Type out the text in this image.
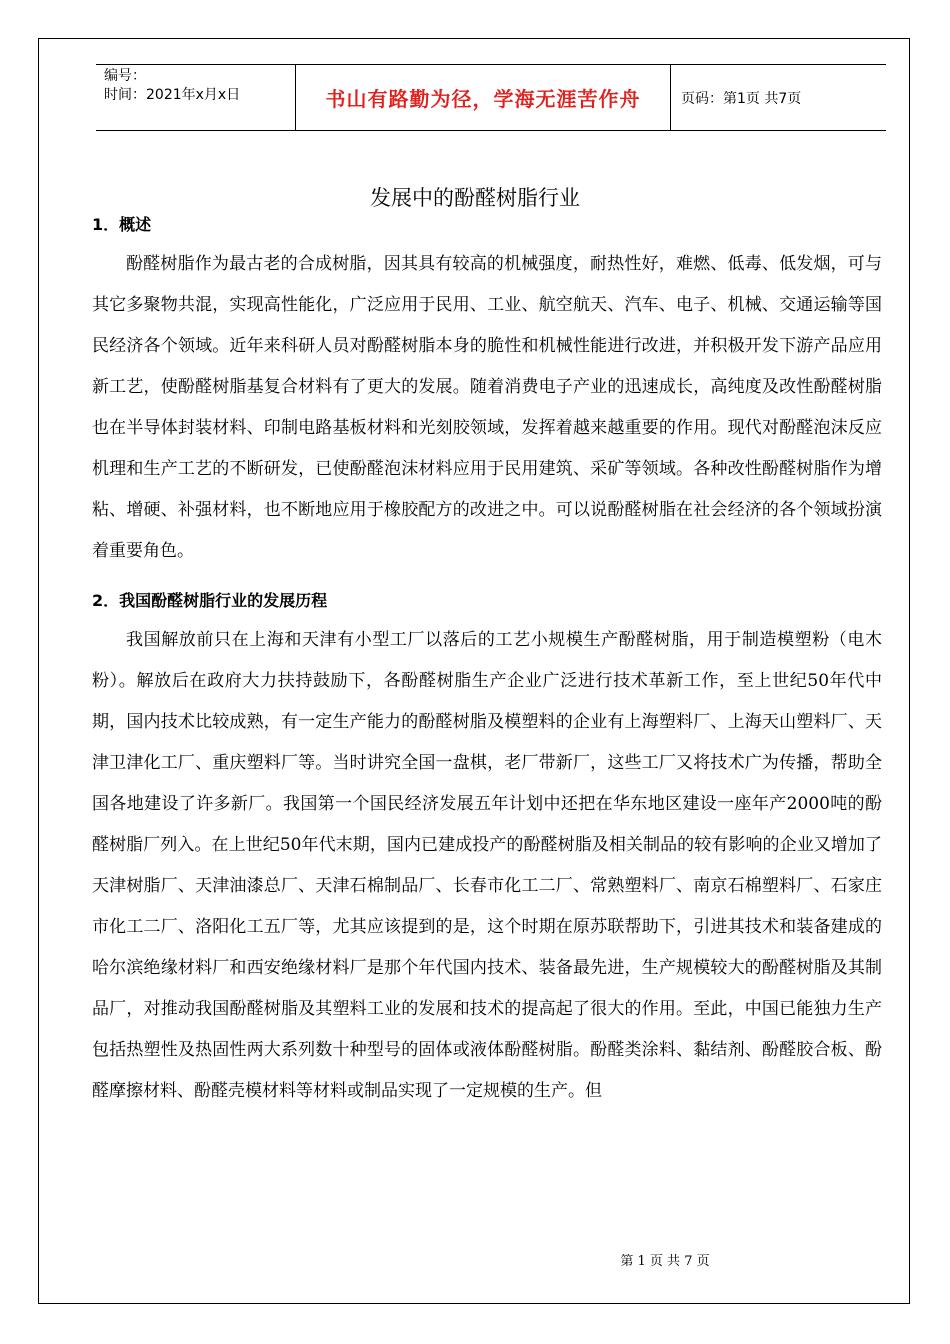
编号：
时间：2021年x月x日	书山有路勤为径，学海无涯苦作舟	页码：第1页 共7页
发展中的酚醛树脂行业
1．概述
酚醛树脂作为最古老的合成树脂，因其具有较高的机械强度，耐热性好，难燃、低毒、低发烟，可与其它多聚物共混，实现高性能化，广泛应用于民用、工业、航空航天、汽车、电子、机械、交通运输等国民经济各个领域。近年来科研人员对酚醛树脂本身的脆性和机械性能进行改进，并积极开发下游产品应用新工艺，使酚醛树脂基复合材料有了更大的发展。随着消费电子产业的迅速成长，高纯度及改性酚醛树脂也在半导体封装材料、印制电路基板材料和光刻胶领域，发挥着越来越重要的作用。现代对酚醛泡沫反应机理和生产工艺的不断研发，已使酚醛泡沫材料应用于民用建筑、采矿等领域。各种改性酚醛树脂作为增粘、增硬、补强材料，也不断地应用于橡胶配方的改进之中。可以说酚醛树脂在社会经济的各个领域扮演着重要角色。
2．我国酚醛树脂行业的发展历程
我国解放前只在上海和天津有小型工厂以落后的工艺小规模生产酚醛树脂，用于制造模塑粉（电木粉）。解放后在政府大力扶持鼓励下，各酚醛树脂生产企业广泛进行技术革新工作，至上世纪50年代中期，国内技术比较成熟，有一定生产能力的酚醛树脂及模塑料的企业有上海塑料厂、上海天山塑料厂、天津卫津化工厂、重庆塑料厂等。当时讲究全国一盘棋，老厂带新厂，这些工厂又将技术广为传播，帮助全国各地建设了许多新厂。我国第一个国民经济发展五年计划中还把在华东地区建设一座年产2000吨的酚醛树脂厂列入。在上世纪50年代末期，国内已建成投产的酚醛树脂及相关制品的较有影响的企业又增加了天津树脂厂、天津油漆总厂、天津石棉制品厂、长春市化工二厂、常熟塑料厂、南京石棉塑料厂、石家庄市化工二厂、洛阳化工五厂等，尤其应该提到的是，这个时期在原苏联帮助下，引进其技术和装备建成的哈尔滨绝缘材料厂和西安绝缘材料厂是那个年代国内技术、装备最先进，生产规模较大的酚醛树脂及其制品厂，对推动我国酚醛树脂及其塑料工业的发展和技术的提高起了很大的作用。至此，中国已能独力生产包括热塑性及热固性两大系列数十种型号的固体或液体酚醛树脂。酚醛类涂料、黏结剂、酚醛胶合板、酚醛摩擦材料、酚醛壳模材料等材料或制品实现了一定规模的生产。但
第 1 页 共 7 页
